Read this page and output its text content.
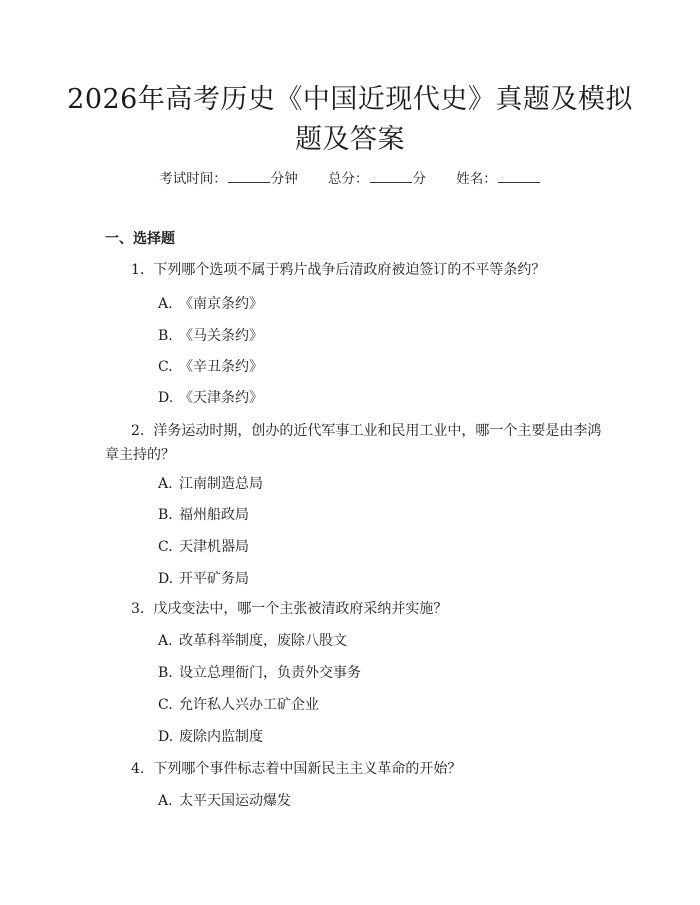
2026年高考历史《中国近现代史》真题及模拟题及答案
考试时间：	分钟 总分：	分 姓名：
一、选择题
1. 下列哪个选项不属于鸦片战争后清政府被迫签订的不平等条约？
A. 《南京条约》
B. 《马关条约》
C. 《辛丑条约》
D. 《天津条约》
2. 洋务运动时期，创办的近代军事工业和民用工业中，哪一个主要是由李鸿章主持的？
A. 江南制造总局
B. 福州船政局
C. 天津机器局
D. 开平矿务局
3. 戊戌变法中，哪一个主张被清政府采纳并实施？
A. 改革科举制度，废除八股文
B. 设立总理衙门，负责外交事务
C. 允许私人兴办工矿企业
D. 废除内监制度
4. 下列哪个事件标志着中国新民主主义革命的开始？
A. 太平天国运动爆发
